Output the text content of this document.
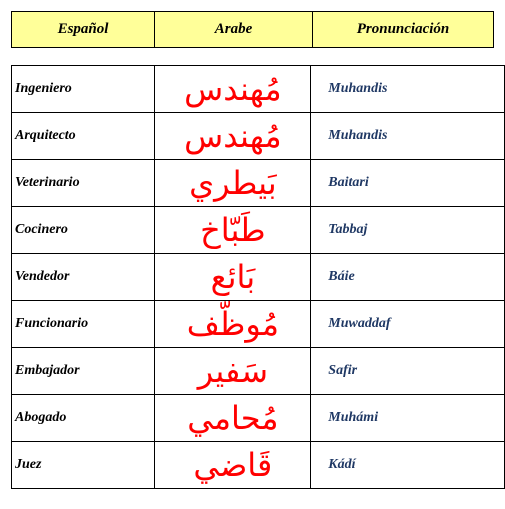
Español	Arabe	Pronunciación
Ingeniero	مُهندس	Muhandis
Arquitecto	مُهندس	Muhandis
Veterinario	بَيطري	Baitari
Cocinero	طَبّاخ	Tabbaj
Vendedor	بَائع	Báie
Funcionario	مُوظّف	Muwaddaf
Embajador	سَفير	Safir
Abogado	مُحامي	Muhámi
Juez	قَاضي	Kádí
